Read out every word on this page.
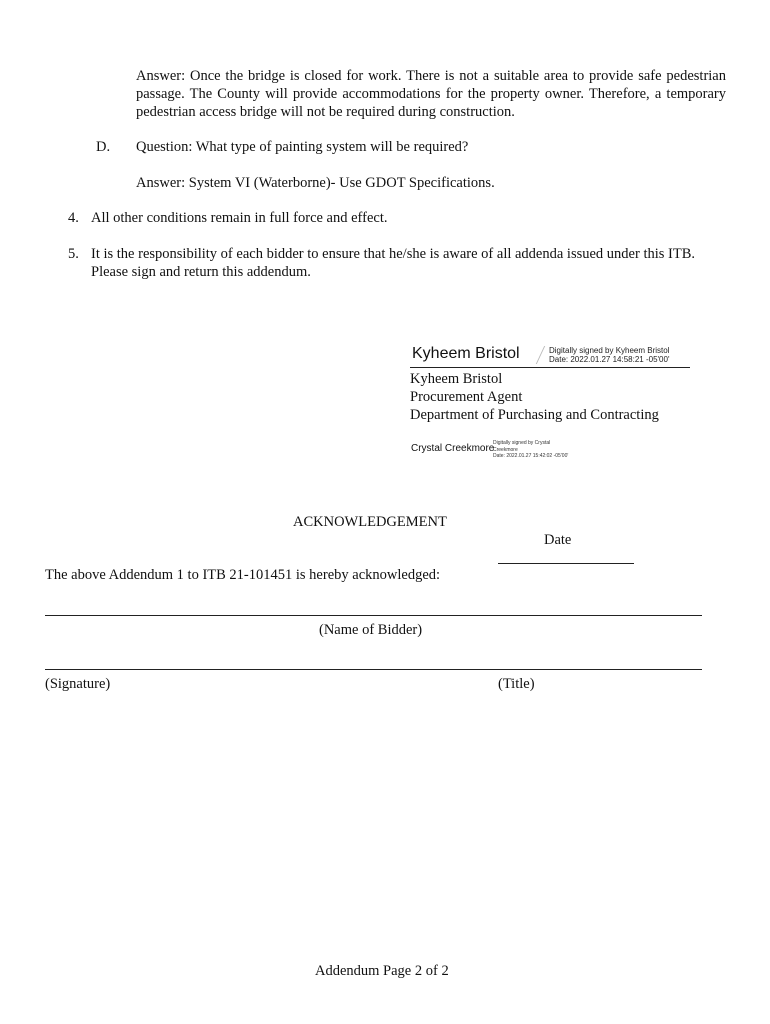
Answer: Once the bridge is closed for work. There is not a suitable area to provide safe pedestrian passage. The County will provide accommodations for the property owner. Therefore, a temporary pedestrian access bridge will not be required during construction.
D. Question: What type of painting system will be required?
Answer: System VI (Waterborne)- Use GDOT Specifications.
4. All other conditions remain in full force and effect.
5. It is the responsibility of each bidder to ensure that he/she is aware of all addenda issued under this ITB. Please sign and return this addendum.
Kyheem Bristol	Digitally signed by Kyheem Bristol
Date: 2022.01.27 14:58:21 -05'00'
Kyheem Bristol
Procurement Agent
Department of Purchasing and Contracting
Crystal Creekmore
Digitally signed by Crystal
Creekmore
Date: 2022.01.27 15:42:02 -05'00'
ACKNOWLEDGEMENT
Date
The above Addendum 1 to ITB 21-101451 is hereby acknowledged:
(Name of Bidder)
(Signature)	(Title)
Addendum Page 2 of 2
